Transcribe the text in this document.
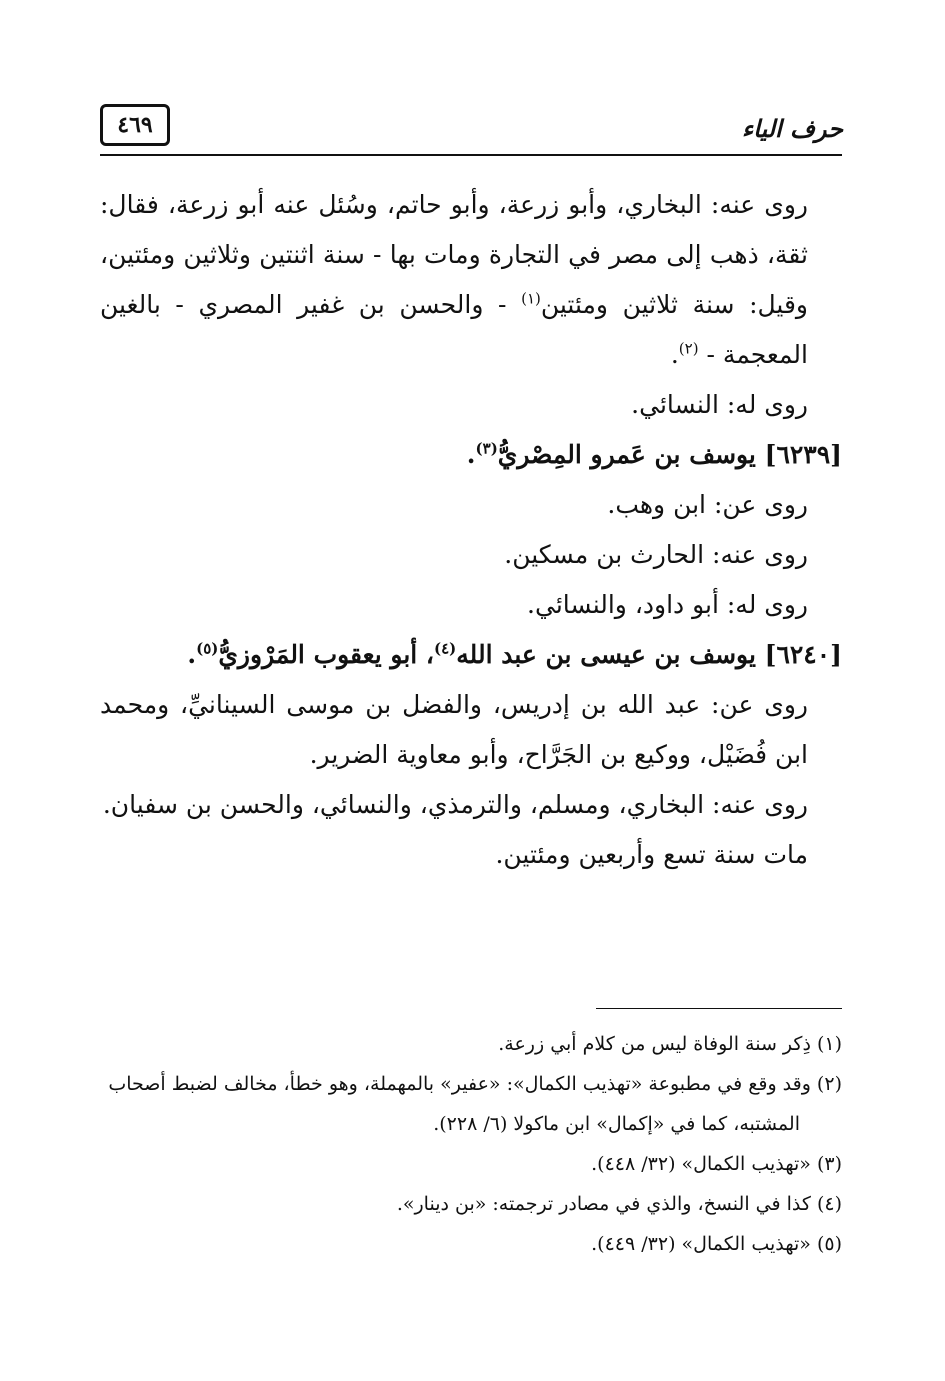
٤٦٩	حرف الياء

روى عنه: البخاري، وأبو زرعة، وأبو حاتم، وسُئل عنه أبو زرعة، فقال: ثقة، ذهب إلى مصر في التجارة ومات بها - سنة اثنتين وثلاثين ومئتين، وقيل: سنة ثلاثين ومئتين$^{(١)}$ - والحسن بن غفير المصري - بالغين المعجمة - $^{(٢)}$.

روى له: النسائي.

[٦٢٣٩] يوسف بن عَمرو المِصْريُّ$^{(٣)}$.

روى عن: ابن وهب.

روى عنه: الحارث بن مسكين.

روى له: أبو داود، والنسائي.

[٦٢٤٠] يوسف بن عيسى بن عبد الله$^{(٤)}$، أبو يعقوب المَرْوزيُّ$^{(٥)}$.

روى عن: عبد الله بن إدريس، والفضل بن موسى السينانيِّ، ومحمد ابن فُضَيْل، ووكيع بن الجَرَّاح، وأبو معاوية الضرير.

روى عنه: البخاري، ومسلم، والترمذي، والنسائي، والحسن بن سفيان.

مات سنة تسع وأربعين ومئتين.

(١) ذِكر سنة الوفاة ليس من كلام أبي زرعة.

(٢) وقد وقع في مطبوعة «تهذيب الكمال»: «عفير» بالمهملة، وهو خطأ، مخالف لضبط أصحاب

المشتبه، كما في «إكمال» ابن ماكولا (٦/ ٢٢٨).

(٣) «تهذيب الكمال» (٣٢/ ٤٤٨).

(٤) كذا في النسخ، والذي في مصادر ترجمته: «بن دينار».

(٥) «تهذيب الكمال» (٣٢/ ٤٤٩).
